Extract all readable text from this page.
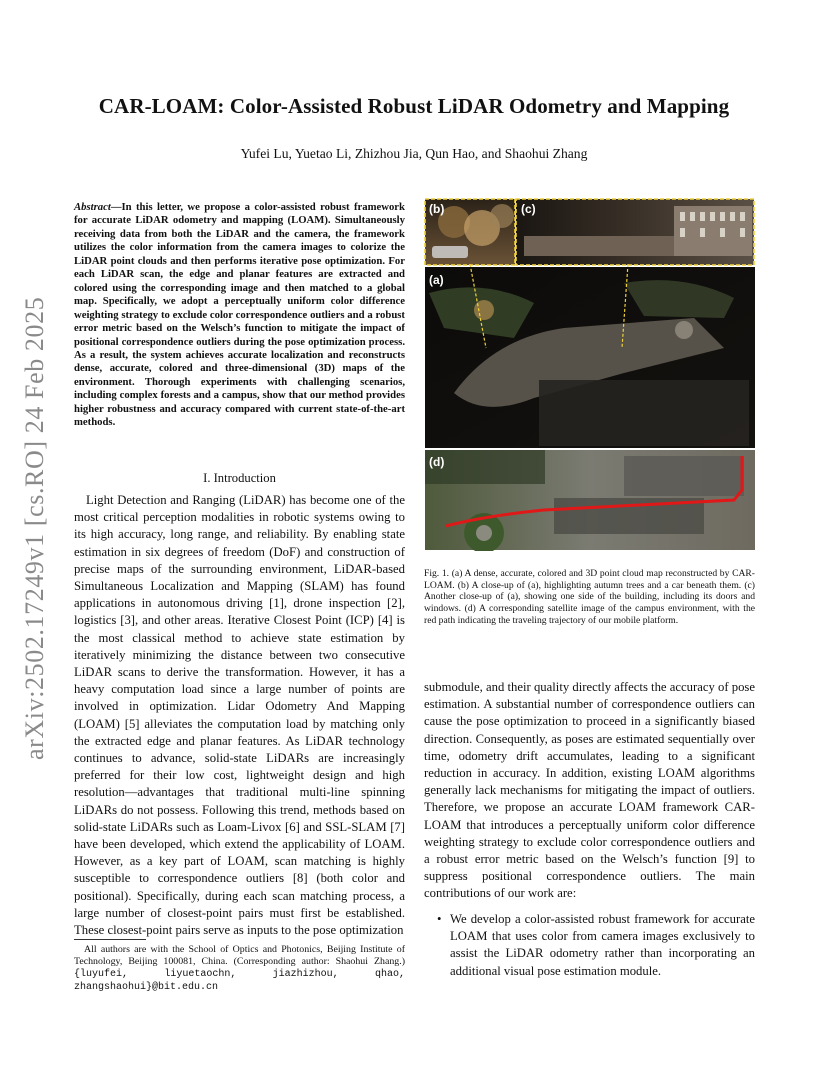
arXiv:2502.17249v1 [cs.RO] 24 Feb 2025
CAR-LOAM: Color-Assisted Robust LiDAR Odometry and Mapping
Yufei Lu, Yuetao Li, Zhizhou Jia, Qun Hao, and Shaohui Zhang
Abstract—In this letter, we propose a color-assisted robust framework for accurate LiDAR odometry and mapping (LOAM). Simultaneously receiving data from both the LiDAR and the camera, the framework utilizes the color information from the camera images to colorize the LiDAR point clouds and then performs iterative pose optimization. For each LiDAR scan, the edge and planar features are extracted and colored using the corresponding image and then matched to a global map. Specifically, we adopt a perceptually uniform color difference weighting strategy to exclude color correspondence outliers and a robust error metric based on the Welsch’s function to mitigate the impact of positional correspondence outliers during the pose optimization process. As a result, the system achieves accurate localization and reconstructs dense, accurate, colored and three-dimensional (3D) maps of the environment. Thorough experiments with challenging scenarios, including complex forests and a campus, show that our method provides higher robustness and accuracy compared with current state-of-the-art methods.
I. Introduction

Light Detection and Ranging (LiDAR) has become one of the most critical perception modalities in robotic systems owing to its high accuracy, long range, and reliability. By enabling state estimation in six degrees of freedom (DoF) and construction of precise maps of the surrounding environment, LiDAR-based Simultaneous Localization and Mapping (SLAM) has found applications in autonomous driving [1], drone inspection [2], logistics [3], and other areas. Iterative Closest Point (ICP) [4] is the most classical method to achieve state estimation by iteratively minimizing the distance between two consecutive LiDAR scans to derive the transformation. However, it has a heavy computation load since a large number of points are involved in optimization. Lidar Odometry And Mapping (LOAM) [5] alleviates the computation load by matching only the extracted edge and planar features. As LiDAR technology continues to advance, solid-state LiDARs are increasingly preferred for their low cost, lightweight design and high resolution—advantages that traditional multi-line spinning LiDARs do not possess. Following this trend, methods based on solid-state LiDARs such as Loam-Livox [6] and SSL-SLAM [7] have been developed, which extend the applicability of LOAM. However, as a key part of LOAM, scan matching is highly susceptible to correspondence outliers [8] (both color and positional). Specifically, during each scan matching process, a large number of closest-point pairs must first be established. These closest-point pairs serve as inputs to the pose optimization

All authors are with the School of Optics and Photonics, Beijing Institute of Technology, Beijing 100081, China. (Corresponding author: Shaohui Zhang.) {luyufei, liyuetaochn, jiazhizhou, qhao, zhangshaohui}@bit.edu.cn
(b)	(c)
(a)
(d)
Fig. 1. (a) A dense, accurate, colored and 3D point cloud map reconstructed by CAR-LOAM. (b) A close-up of (a), highlighting autumn trees and a car beneath them. (c) Another close-up of (a), showing one side of the building, including its doors and windows. (d) A corresponding satellite image of the campus environment, with the red path indicating the traveling trajectory of our mobile platform.

submodule, and their quality directly affects the accuracy of pose estimation. A substantial number of correspondence outliers can cause the pose optimization to proceed in a significantly biased direction. Consequently, as poses are estimated sequentially over time, odometry drift accumulates, leading to a significant reduction in accuracy. In addition, existing LOAM algorithms generally lack mechanisms for mitigating the impact of outliers. Therefore, we propose an accurate LOAM framework CAR-LOAM that introduces a perceptually uniform color difference weighting strategy to exclude color correspondence outliers and a robust error metric based on the Welsch’s function [9] to suppress positional correspondence outliers. The main contributions of our work are:

• We develop a color-assisted robust framework for accurate LOAM that uses color from camera images exclusively to assist the LiDAR odometry rather than incorporating an additional visual pose estimation module.
